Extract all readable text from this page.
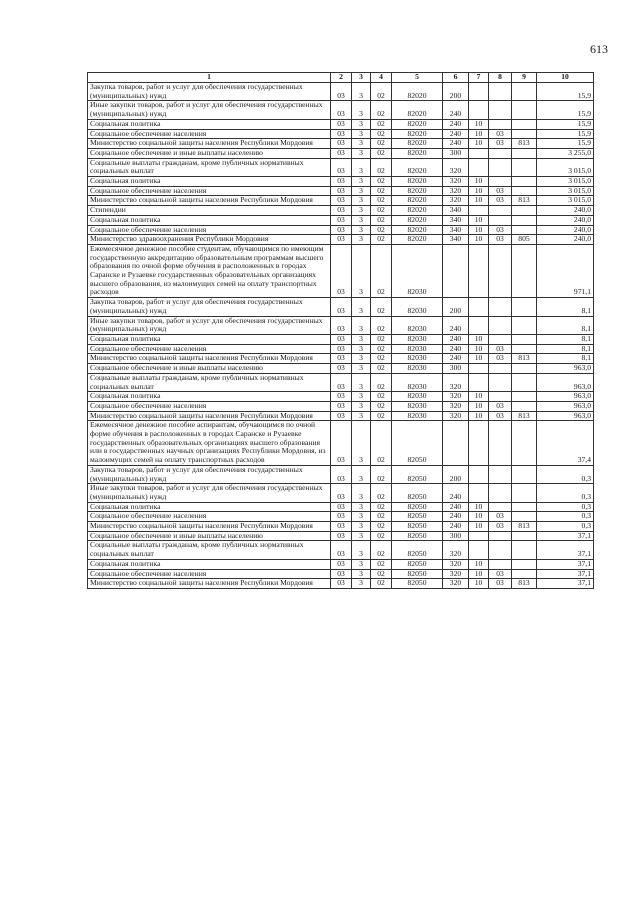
613
1	2	3	4	5	6	7	8	9	10
Закупка товаров, работ и услуг для обеспечения государственных (муниципальных) нужд	03	3	02	82020	200				15,9
Иные закупки товаров, работ и услуг для обеспечения государственных (муниципальных) нужд	03	3	02	82020	240				15,9
Социальная политика	03	3	02	82020	240	10			15,9
Социальное обеспечение населения	03	3	02	82020	240	10	03		15,9
Министерство социальной защиты населения Республики Мордовия	03	3	02	82020	240	10	03	813	15,9
Социальное обеспечение и иные выплаты населению	03	3	02	82020	300				3 255,0
Социальные выплаты гражданам, кроме публичных нормативных социальных выплат	03	3	02	82020	320				3 015,0
Социальная политика	03	3	02	82020	320	10			3 015,0
Социальное обеспечение населения	03	3	02	82020	320	10	03		3 015,0
Министерство социальной защиты населения Республики Мордовия	03	3	02	82020	320	10	03	813	3 015,0
Стипендии	03	3	02	82020	340				240,0
Социальная политика	03	3	02	82020	340	10			240,0
Социальное обеспечение населения	03	3	02	82020	340	10	03		240,0
Министерство здравоохранения Республики Мордовия	03	3	02	82020	340	10	03	805	240,0
Ежемесячное денежное пособие студентам, обучающимся по имеющим государственную аккредитацию образовательным программам высшего образования по очной форме обучения в расположенных в городах Саранске и Рузаевке государственных образовательных организациях высшего образования, из малоимущих семей на оплату транспортных расходов	03	3	02	82030					971,1
Закупка товаров, работ и услуг для обеспечения государственных (муниципальных) нужд	03	3	02	82030	200				8,1
Иные закупки товаров, работ и услуг для обеспечения государственных (муниципальных) нужд	03	3	02	82030	240				8,1
Социальная политика	03	3	02	82030	240	10			8,1
Социальное обеспечение населения	03	3	02	82030	240	10	03		8,1
Министерство социальной защиты населения Республики Мордовия	03	3	02	82030	240	10	03	813	8,1
Социальное обеспечение и иные выплаты населению	03	3	02	82030	300				963,0
Социальные выплаты гражданам, кроме публичных нормативных социальных выплат	03	3	02	82030	320				963,0
Социальная политика	03	3	02	82030	320	10			963,0
Социальное обеспечение населения	03	3	02	82030	320	10	03		963,0
Министерство социальной защиты населения Республики Мордовия	03	3	02	82030	320	10	03	813	963,0
Ежемесячное денежное пособие аспирантам, обучающимся по очной форме обучения в расположенных в городах Саранске и Рузаевке государственных образовательных организациях высшего образования или в государственных научных организациях Республики Мордовия, из малоимущих семей на оплату транспортных расходов	03	3	02	82050					37,4
Закупка товаров, работ и услуг для обеспечения государственных (муниципальных) нужд	03	3	02	82050	200				0,3
Иные закупки товаров, работ и услуг для обеспечения государственных (муниципальных) нужд	03	3	02	82050	240				0,3
Социальная политика	03	3	02	82050	240	10			0,3
Социальное обеспечение населения	03	3	02	82050	240	10	03		0,3
Министерство социальной защиты населения Республики Мордовия	03	3	02	82050	240	10	03	813	0,3
Социальное обеспечение и иные выплаты населению	03	3	02	82050	300				37,1
Социальные выплаты гражданам, кроме публичных нормативных социальных выплат	03	3	02	82050	320				37,1
Социальная политика	03	3	02	82050	320	10			37,1
Социальное обеспечение населения	03	3	02	82050	320	10	03		37,1
Министерство социальной защиты населения Республики Мордовия	03	3	02	82050	320	10	03	813	37,1
